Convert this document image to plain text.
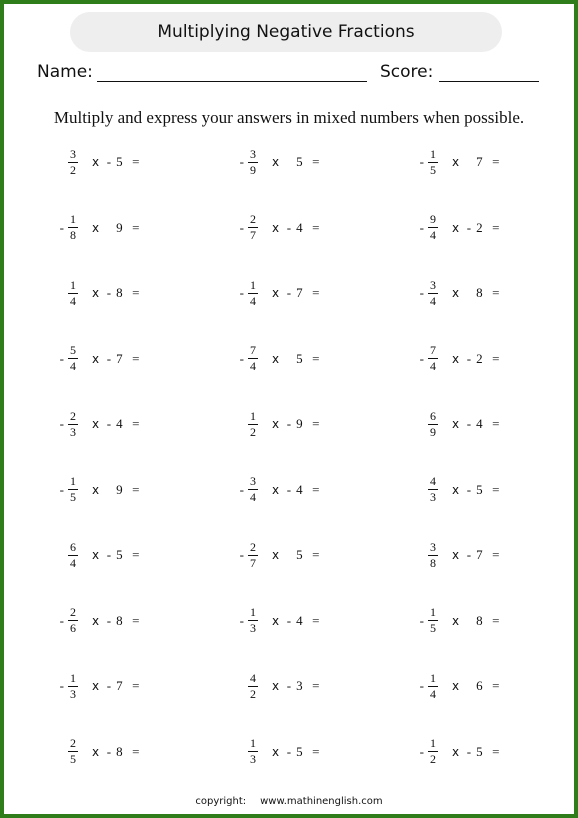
Multiplying Negative Fractions
Name:	Score:
Multiply and express your answers in mixed numbers when possible.
$\frac{3}{2}$ x - 5 =	- $\frac{3}{9}$ x 5 =	- $\frac{1}{5}$ x 7 =
- $\frac{1}{8}$ x 9 =	- $\frac{2}{7}$ x - 4 =	- $\frac{9}{4}$ x - 2 =
$\frac{1}{4}$ x - 8 =	- $\frac{1}{4}$ x - 7 =	- $\frac{3}{4}$ x 8 =
- $\frac{5}{4}$ x - 7 =	- $\frac{7}{4}$ x 5 =	- $\frac{7}{4}$ x - 2 =
- $\frac{2}{3}$ x - 4 =	$\frac{1}{2}$ x - 9 =	$\frac{6}{9}$ x - 4 =
- $\frac{1}{5}$ x 9 =	- $\frac{3}{4}$ x - 4 =	$\frac{4}{3}$ x - 5 =
$\frac{6}{4}$ x - 5 =	- $\frac{2}{7}$ x 5 =	$\frac{3}{8}$ x - 7 =
- $\frac{2}{6}$ x - 8 =	- $\frac{1}{3}$ x - 4 =	- $\frac{1}{5}$ x 8 =
- $\frac{1}{3}$ x - 7 =	$\frac{4}{2}$ x - 3 =	- $\frac{1}{4}$ x 6 =
$\frac{2}{5}$ x - 8 =	$\frac{1}{3}$ x - 5 =	- $\frac{1}{2}$ x - 5 =
copyright: www.mathinenglish.com
